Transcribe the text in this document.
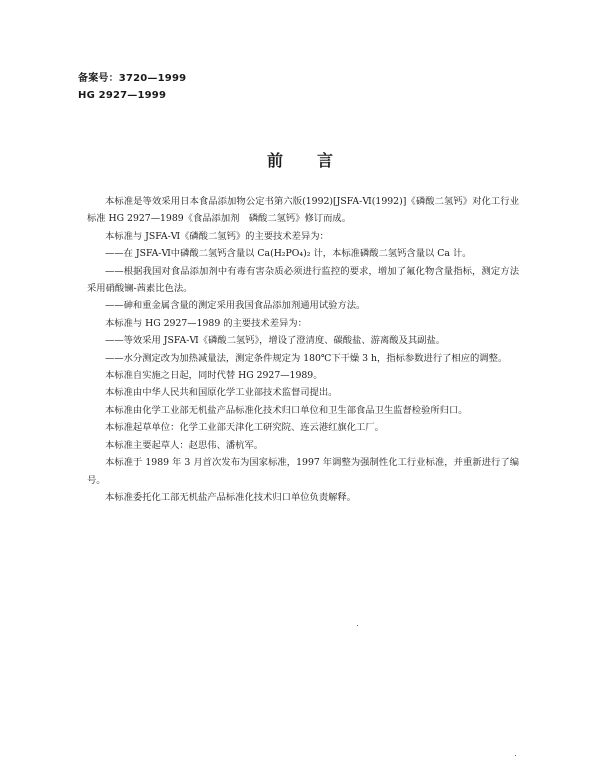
备案号：3720—1999
HG 2927—1999
前言

本标准是等效采用日本食品添加物公定书第六版(1992)[JSFA-Ⅵ(1992)]《磷酸二氢钙》对化工行业标准 HG 2927—1989《食品添加剂　磷酸二氢钙》修订而成。

本标准与 JSFA-Ⅵ《磷酸二氢钙》的主要技术差异为：

——在 JSFA-Ⅵ中磷酸二氢钙含量以 Ca(H₂PO₄)₂ 计，本标准磷酸二氢钙含量以 Ca 计。

——根据我国对食品添加剂中有毒有害杂质必须进行监控的要求，增加了氟化物含量指标，测定方法采用硝酸镧-茜素比色法。

——砷和重金属含量的测定采用我国食品添加剂通用试验方法。

本标准与 HG 2927—1989 的主要技术差异为：

——等效采用 JSFA-Ⅵ《磷酸二氢钙》，增设了澄清度、碳酸盐、游离酸及其副盐。

——水分测定改为加热减量法，测定条件规定为 180℃下干燥 3 h，指标参数进行了相应的调整。

本标准自实施之日起，同时代替 HG 2927—1989。

本标准由中华人民共和国原化学工业部技术监督司提出。

本标准由化学工业部无机盐产品标准化技术归口单位和卫生部食品卫生监督检验所归口。

本标准起草单位：化学工业部天津化工研究院、连云港红旗化工厂。

本标准主要起草人：赵思伟、潘杭军。

本标准于 1989 年 3 月首次发布为国家标准，1997 年调整为强制性化工行业标准，并重新进行了编号。

本标准委托化工部无机盐产品标准化技术归口单位负责解释。
